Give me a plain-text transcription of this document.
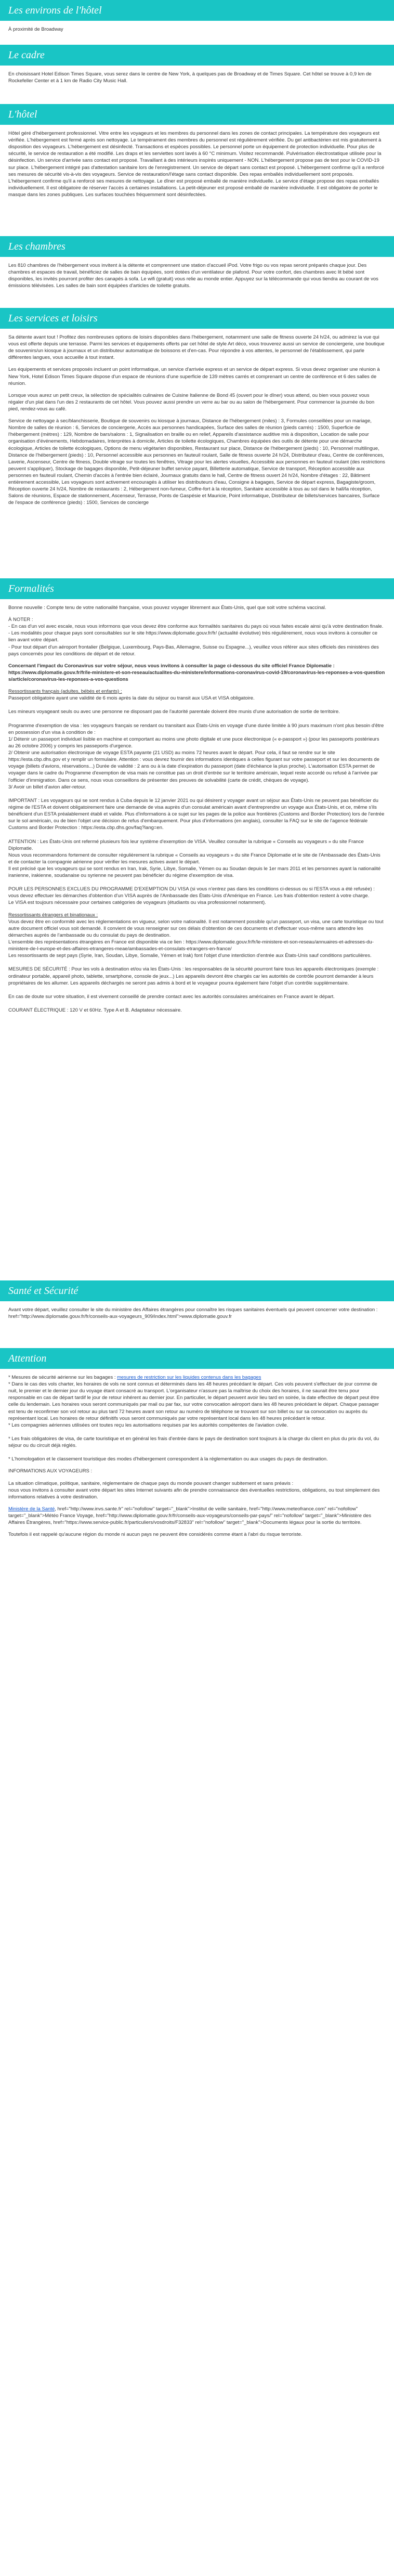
Les environs de l'hôtel

À proximité de Broadway

Le cadre

En choisissant Hotel Edison Times Square, vous serez dans le centre de New York, à quelques pas de Broadway et de Times Square. Cet hôtel se trouve à 0,9 km de Rockefeller Center et à 1 km de Radio City Music Hall.

L'hôtel

Hôtel géré d'hébergement professionnel. Vitre entre les voyageurs et les membres du personnel dans les zones de contact principales. La température des voyageurs est vérifiée. L'hébergement est fermé après son nettoyage. Le tempérament des membres du personnel est régulièrement vérifiée. Du gel antibactérien est mis gratuitement à disposition des voyageurs. L'hébergement est désinfecté. Transactions et espèces possibles. Le personnel porte un équipement de protection individuelle. Pour plus de sécurité, le service de restauration a été modifié. Les draps et les serviettes sont lavés à 60 °C minimum. Visitez recommandé. Pulvérisation électrostatique utilisée pour la désinfection. Un service d'arrivée sans contact est proposé. Travaillant à des intérieurs inspirés uniquement - NON. L'hébergement propose pas de test pour le COVID-19 sur place. L'hébergement intégré pas d'attestation sanitaire lors de l'enregistrement. Un service de départ sans contact est proposé. L'hébergement confirme qu'il a renforcé ses mesures de sécurité vis-à-vis des voyageurs. Service de restauration/l'étage sans contact disponible. Des repas emballés individuellement sont proposés. L'hébergement confirme qu'il a renforcé ses mesures de nettoyage. Le dîner est proposé emballé de manière individuelle. Le service d'étage propose des repas emballés individuellement. Il est obligatoire de réserver l'accès à certaines installations. La petit-déjeuner est proposé emballé de manière individuelle. Il est obligatoire de porter le masque dans les zones publiques. Les surfaces touchées fréquemment sont désinfectées.

Les chambres

Les 810 chambres de l'hébergement vous invitent à la détente et comprennent une station d'accueil iPod. Votre frigo ou vos repas seront préparés chaque jour. Des chambres et espaces de travail, bénéficiez de salles de bain équipées, sont dotées d'un ventilateur de plafond. Pour votre confort, des chambres avec lit bébé sont disponibles, les invités pourront profiter des canapés à sofa. Le wifi (gratuit) vous relie au monde entier. Appuyez sur la télécommande qui vous tiendra au courant de vos émissions télévisées. Les salles de bain sont équipées d'articles de toilette gratuits.

Les services et loisirs

Sa détente avant tout ! Profitez des nombreuses options de loisirs disponibles dans l'hébergement, notamment une salle de fitness ouverte 24 h/24, ou admirez la vue qui vous est offerte depuis une terrasse. Parmi les services et équipements offerts par cet hôtel de style Art déco, vous trouverez aussi un service de conciergerie, une boutique de souvenirs/un kiosque à journaux et un distributeur automatique de boissons et d'en-cas. Pour répondre à vos attentes, le personnel de l'établissement, qui parle différentes langues, vous accueille à tout instant.

Les équipements et services proposés incluent un point informatique, un service d'arrivée express et un service de départ express. Si vous devez organiser une réunion à New York, Hotel Edison Times Square dispose d'un espace de réunions d'une superficie de 139 mètres carrés et comprenant un centre de conférence et 6 des salles de réunion.

Lorsque vous aurez un petit creux, la sélection de spécialités culinaires de Cuisine Italienne de Bond 45 (ouvert pour le dîner) vous attend, ou bien vous pouvez vous régaler d'un plat dans l'un des 2 restaurants de cet hôtel. Vous pouvez aussi prendre un verre au bar ou au salon de l'hébergement. Pour commencer la journée du bon pied, rendez-vous au café.

Service de nettoyage à sec/blanchisserie, Boutique de souvenirs ou kiosque à journaux, Distance de l'hébergement (miles) : 3, Formules conseillées pour un mariage, Nombre de salles de réunion : 6, Services de conciergerie, Accès aux personnes handicapées, Surface des salles de réunion (pieds carrés) : 1500, Superficie de l'hébergement (mètres) : 129, Nombre de bars/salons : 1, Signalisation en braille ou en relief, Appareils d'assistance auditive mis à disposition, Location de salle pour organisation d'événements, Hebdomadaires, Interprètes à domicile, Articles de toilette écologiques, Chambres équipées des outils de détente pour une démarche écologique, Articles de toilette écologiques, Options de menu végétarien disponibles, Restaurant sur place, Distance de l'hébergement (pieds) : 10, Personnel multilingue, Distance de l'hébergement (pieds) : 10, Personnel accessible aux personnes en fauteuil roulant, Salle de fitness ouverte 24 h/24, Distributeur d'eau, Centre de conférences, Laverie, Ascenseur, Centre de fitness, Double vitrage sur toutes les fenêtres, Vitrage pour les alertes visuelles, Accessible aux personnes en fauteuil roulant (des restrictions peuvent s'appliquer), Stockage de bagages disponible, Petit-déjeuner buffet service payant, Billetterie automatique, Service de transport, Réception accessible aux personnes en fauteuil roulant, Chemin d'accès à l'entrée bien éclairé, Journaux gratuits dans le hall, Centre de fitness ouvert 24 h/24, Nombre d'étages : 22, Bâtiment entièrement accessible, Les voyageurs sont activement encouragés à utiliser les distributeurs d'eau, Consigne à bagages, Service de départ express, Bagagiste/groom, Réception ouverte 24 h/24, Nombre de restaurants : 2, Hébergement non-fumeur, Coffre-fort à la réception, Sanitaire accessible à tous au sol dans le hall/la réception, Salons de réunions, Espace de stationnement, Ascenseur, Terrasse, Ponts de Gaspésie et Mauricie, Point informatique, Distributeur de billets/services bancaires, Surface de l'espace de conférence (pieds) : 1500, Services de concierge

Formalités

Bonne nouvelle : Compte tenu de votre nationalité française, vous pouvez voyager librement aux États-Unis, quel que soit votre schéma vaccinal.

À NOTER :

- En cas d'un vol avec escale, nous vous informons que vous devez être conforme aux formalités sanitaires du pays où vous faites escale ainsi qu'à votre destination finale.
- Les modalités pour chaque pays sont consultables sur le site https://www.diplomatie.gouv.fr/fr/ (actualité évolutive) très régulièrement, nous vous invitons à consulter ce lien avant votre départ.
- Pour tout départ d'un aéroport frontalier (Belgique, Luxembourg, Pays-Bas, Allemagne, Suisse ou Espagne...), veuillez vous référer aux sites officiels des ministères des pays concernés pour les conditions de départ et de retour.

Concernant l'impact du Coronavirus sur votre séjour, nous vous invitons à consulter la page ci-dessous du site officiel France Diplomatie :

https://www.diplomatie.gouv.fr/fr/le-ministere-et-son-reseau/actualites-du-ministere/informations-coronavirus-covid-19/coronavirus-les-reponses-a-vos-questions/article/coronavirus-les-reponses-a-vos-questions

Ressortissants français (adultes, bébés et enfants) :

Passeport obligatoire ayant une validité de 6 mois après la date du séjour ou transit aux USA et VISA obligatoire.

Les mineurs voyageant seuls ou avec une personne ne disposant pas de l'autorité parentale doivent être munis d'une autorisation de sortie de territoire.

Programme d'exemption de visa : les voyageurs français se rendant ou transitant aux États-Unis en voyage d'une durée limitée à 90 jours maximum n'ont plus besoin d'être en possession d'un visa à condition de :
1/ Détenir un passeport individuel lisible en machine et comportant au moins une photo digitale et une puce électronique (« e-passport ») (pour les passeports postérieurs au 26 octobre 2006) y compris les passeports d'urgence.
2/ Obtenir une autorisation électronique de voyage ESTA payante (21 USD) au moins 72 heures avant le départ. Pour cela, il faut se rendre sur le site https://esta.cbp.dhs.gov et y remplir un formulaire. Attention : vous devrez fournir des informations identiques à celles figurant sur votre passeport et sur les documents de voyage (billets d'avions, réservations...) Durée de validité : 2 ans ou à la date d'expiration du passeport (date d'échéance la plus proche). L'autorisation ESTA permet de voyager dans le cadre du Programme d'exemption de visa mais ne constitue pas un droit d'entrée sur le territoire américain, lequel reste accordé ou refusé à l'arrivée par l'officier d'immigration. Dans ce sens, nous vous conseillons de présenter des preuves de solvabilité (carte de crédit, chèques de voyage).
3/ Avoir un billet d'avion aller-retour.

IMPORTANT : Les voyageurs qui se sont rendus à Cuba depuis le 12 janvier 2021 ou qui désirent y voyager avant un séjour aux États-Unis ne peuvent pas bénéficier du régime de l'ESTA et doivent obligatoirement faire une demande de visa auprès d'un consulat américain avant d'entreprendre un voyage aux États-Unis, et ce, même s'ils bénéficient d'un ESTA préalablement établi et valide. Plus d'informations à ce sujet sur les pages de la police aux frontières (Customs and Border Protection) lors de l'entrée sur le sol américain, ou de bien l'objet une décision de refus d'embarquement. Pour plus d'informations (en anglais), consulter la FAQ sur le site de l'agence fédérale Customs and Border Protection : https://esta.cbp.dhs.gov/faq?lang=en.

ATTENTION : Les États-Unis ont refermé plusieurs fois leur système d'exemption de VISA. Veuillez consulter la rubrique « Conseils au voyageurs » du site France Diplomatie.
Nous vous recommandons fortement de consulter régulièrement la rubrique « Conseils au voyageurs » du site France Diplomatie et le site de l'Ambassade des États-Unis et de contacter la compagnie aérienne pour vérifier les mesures actives avant le départ.
Il est précisé que les voyageurs qui se sont rendus en Iran, Irak, Syrie, Libye, Somalie, Yémen ou au Soudan depuis le 1er mars 2011 et les personnes ayant la nationalité iranienne, irakienne, soudanaise ou syrienne ne peuvent pas bénéficier du régime d'exemption de visa.

POUR LES PERSONNES EXCLUES DU PROGRAMME D'EXEMPTION DU VISA (si vous n'entrez pas dans les conditions ci-dessus ou si l'ESTA vous a été refusée) : vous devez effectuer les démarches d'obtention d'un VISA auprès de l'Ambassade des États-Unis d'Amérique en France. Les frais d'obtention restent à votre charge.
Le VISA est toujours nécessaire pour certaines catégories de voyageurs (étudiants ou visa professionnel notamment).

Ressortissants étrangers et binationaux :

Vous devez être en conformité avec les réglementations en vigueur, selon votre nationalité. Il est notamment possible qu'un passeport, un visa, une carte touristique ou tout autre document officiel vous soit demandé. Il convient de vous renseigner sur ces délais d'obtention de ces documents et d'effectuer vous-même sans attendre les démarches auprès de l'ambassade ou du consulat du pays de destination.
L'ensemble des représentations étrangères en France est disponible via ce lien : https://www.diplomatie.gouv.fr/fr/le-ministere-et-son-reseau/annuaires-et-adresses-du-ministere-de-l-europe-et-des-affaires-etrangeres-meae/ambassades-et-consulats-etrangers-en-france/
Les ressortissants de sept pays (Syrie, Iran, Soudan, Libye, Somalie, Yémen et Irak) font l'objet d'une interdiction d'entrée aux États-Unis sauf conditions particulières.

MESURES DE SÉCURITÉ : Pour les vols à destination et/ou via les États-Unis : les responsables de la sécurité pourront faire tous les appareils électroniques (exemple : ordinateur portable, appareil photo, tablette, smartphone, console de jeux...) Les appareils devront être chargés car les autorités de contrôle pourront demander à leurs propriétaires de les allumer. Les appareils déchargés ne seront pas admis à bord et le voyageur pourra également faire l'objet d'un contrôle supplémentaire.

En cas de doute sur votre situation, il est vivement conseillé de prendre contact avec les autorités consulaires américaines en France avant le départ.

COURANT ÉLECTRIQUE : 120 V et 60Hz. Type A et B. Adaptateur nécessaire.

Santé et Sécurité

Avant votre départ, veuillez consulter le site du ministère des Affaires étrangères pour connaître les risques sanitaires éventuels qui peuvent concerner votre destination : href="http://www.diplomatie.gouv.fr/fr/conseils-aux-voyageurs_909/index.html">www.diplomatie.gouv.fr

Attention

* Mesures de sécurité aérienne sur les bagages : mesures de restriction sur les liquides contenus dans les bagages

* Dans le cas des vols charter, les horaires de vols ne sont connus et déterminés dans les 48 heures précédant le départ. Ces vols peuvent s'effectuer de jour comme de nuit, le premier et le dernier jour du voyage étant consacré au transport. L'organisateur n'assure pas la maîtrise du choix des horaires, il ne saurait être tenu pour responsable en cas de départ tardif le jour de retour inhérent au dernier jour. En particulier, le départ peuvent avoir lieu tard en soirée, la date effective de départ peut être celle du lendemain. Les horaires vous seront communiqués par mail ou par fax, sur votre convocation aéroport dans les 48 heures précédant le départ. Chaque passager est tenu de reconfirmer son vol retour au plus tard 72 heures avant son retour au numéro de téléphone se trouvant sur son billet ou sur sa convocation ou auprès du représentant local. Les horaires de retour définitifs vous seront communiqués par votre représentant local dans les 48 heures précédant le retour.
* Les compagnies aériennes utilisées ont toutes reçu les autorisations requises par les autorités compétentes de l'aviation civile.

* Les frais obligatoires de visa, de carte touristique et en général les frais d'entrée dans le pays de destination sont toujours à la charge du client en plus du prix du vol, du séjour ou du circuit déjà réglés.

* L'homologation et le classement touristique des modes d'hébergement correspondent à la réglementation ou aux usages du pays de destination.

INFORMATIONS AUX VOYAGEURS :

La situation climatique, politique, sanitaire, réglementaire de chaque pays du monde pouvant changer subitement et sans préavis :
nous vous invitons à consulter avant votre départ les sites Internet suivants afin de prendre connaissance des éventuelles restrictions, obligations, ou tout simplement des informations relatives à votre destination.

Ministère de la Santé, href="http://www.invs.sante.fr" rel="nofollow" target="_blank">Institut de veille sanitaire, href="http://www.meteofrance.com" rel="nofollow" target="_blank">Météo France Voyage, href="http://www.diplomatie.gouv.fr/fr/conseils-aux-voyageurs/conseils-par-pays/" rel="nofollow" target="_blank">Ministère des Affaires Étrangères, href="https://www.service-public.fr/particuliers/vosdroits/F32833" rel="nofollow" target="_blank">Documents légaux pour la sortie du territoire.

Toutefois il est rappelé qu'aucune région du monde ni aucun pays ne peuvent être considérés comme étant à l'abri du risque terroriste.
